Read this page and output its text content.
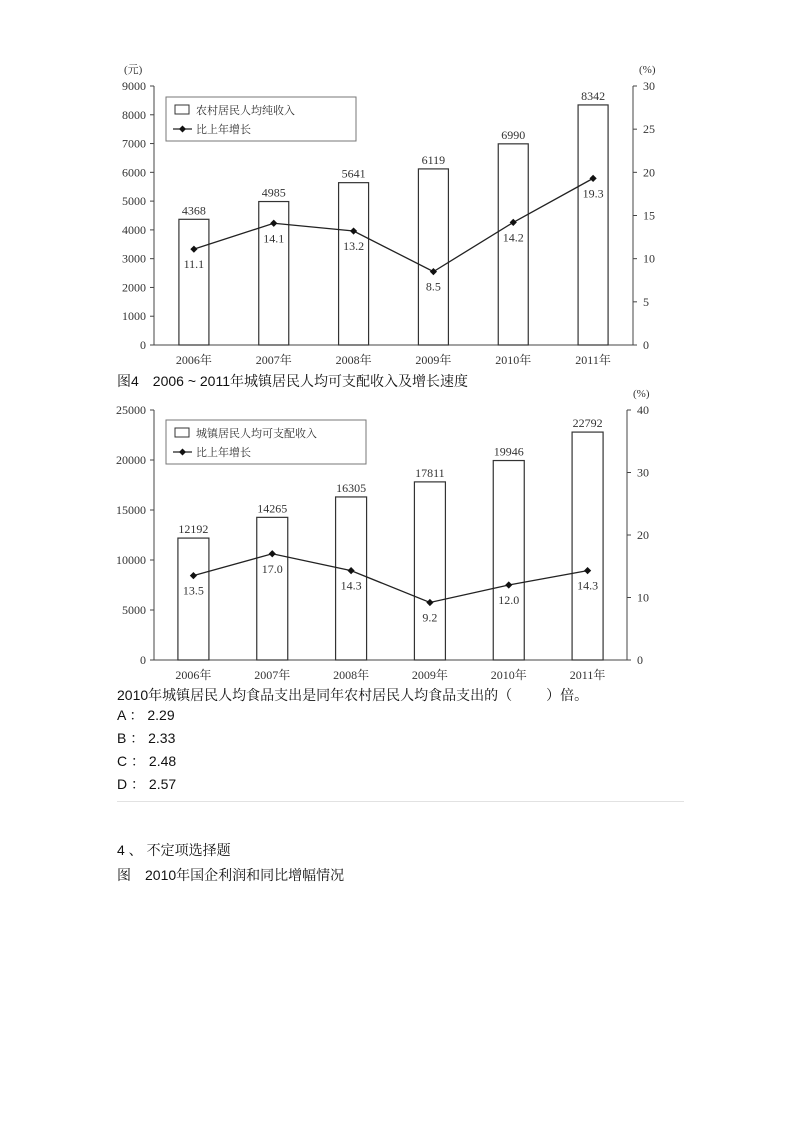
(元)	(%)
0
1000
2000
3000
4000
5000
6000
7000
8000
9000
0
5
10
15
20
25
30
4368
2006年
4985
2007年
5641
2008年
6119
2009年
6990
2010年
8342
2011年
11.1
14.1
13.2
8.5
14.2
19.3
农村居民人均纯收入
比上年增长
图4　2006 ~ 2011年城镇居民人均可支配收入及增长速度
(%)
0
5000
10000
15000
20000
25000
0
10
20
30
40
12192
2006年
14265
2007年
16305
2008年
17811
2009年
19946
2010年
22792
2011年
13.5
17.0
14.3
9.2
12.0
14.3
城镇居民人均可支配收入
比上年增长
2010年城镇居民人均食品支出是同年农村居民人均食品支出的（ ）倍。
A ： 2.29
B ： 2.33
C ： 2.48
D ： 2.57
4 、 不定项选择题
图　2010年国企利润和同比增幅情况
